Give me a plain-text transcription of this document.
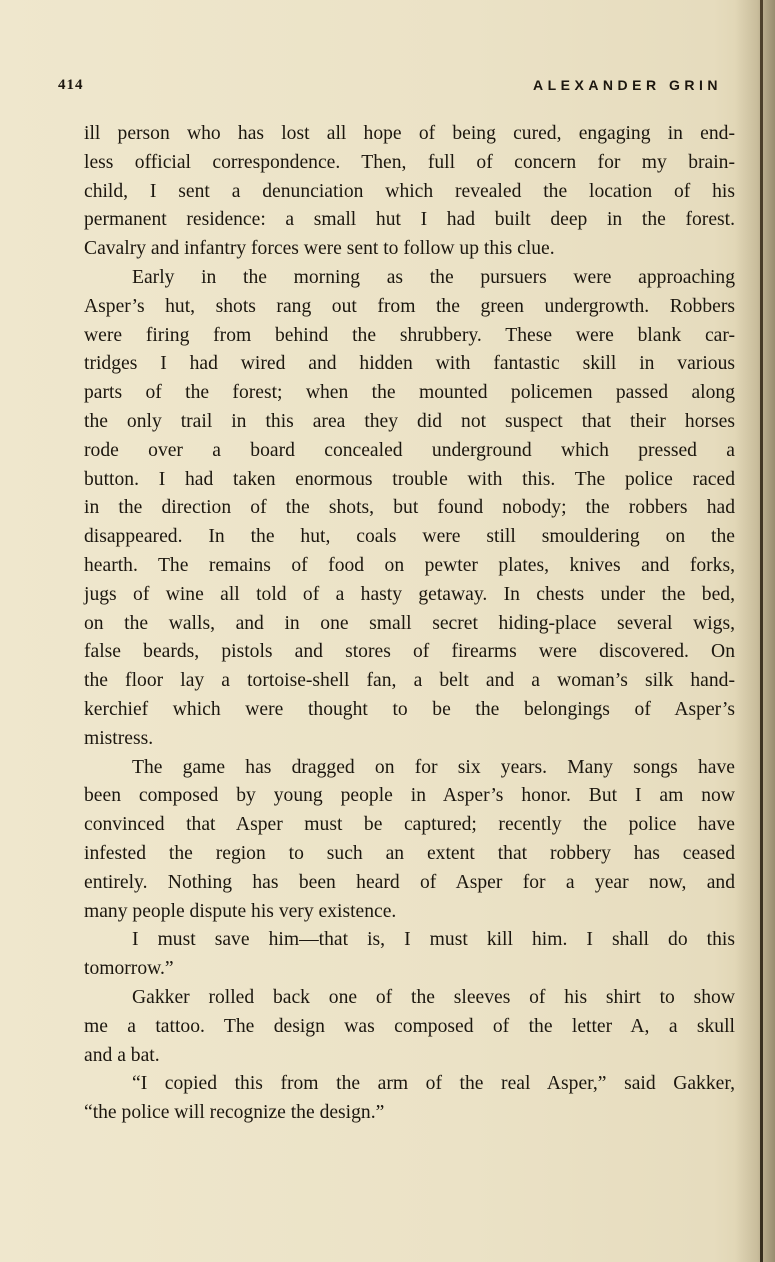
414	ALEXANDER GRIN
ill person who has lost all hope of being cured, engaging in end-
less official correspondence. Then, full of concern for my brain-
child, I sent a denunciation which revealed the location of his
permanent residence: a small hut I had built deep in the forest.
Cavalry and infantry forces were sent to follow up this clue.
Early in the morning as the pursuers were approaching
Asper’s hut, shots rang out from the green undergrowth. Robbers
were firing from behind the shrubbery. These were blank car-
tridges I had wired and hidden with fantastic skill in various
parts of the forest; when the mounted policemen passed along
the only trail in this area they did not suspect that their horses
rode over a board concealed underground which pressed a
button. I had taken enormous trouble with this. The police raced
in the direction of the shots, but found nobody; the robbers had
disappeared. In the hut, coals were still smouldering on the
hearth. The remains of food on pewter plates, knives and forks,
jugs of wine all told of a hasty getaway. In chests under the bed,
on the walls, and in one small secret hiding-place several wigs,
false beards, pistols and stores of firearms were discovered. On
the floor lay a tortoise-shell fan, a belt and a woman’s silk hand-
kerchief which were thought to be the belongings of Asper’s
mistress.
The game has dragged on for six years. Many songs have
been composed by young people in Asper’s honor. But I am now
convinced that Asper must be captured; recently the police have
infested the region to such an extent that robbery has ceased
entirely. Nothing has been heard of Asper for a year now, and
many people dispute his very existence.
I must save him—that is, I must kill him. I shall do this
tomorrow.”
Gakker rolled back one of the sleeves of his shirt to show
me a tattoo. The design was composed of the letter A, a skull
and a bat.
“I copied this from the arm of the real Asper,” said Gakker,
“the police will recognize the design.”
